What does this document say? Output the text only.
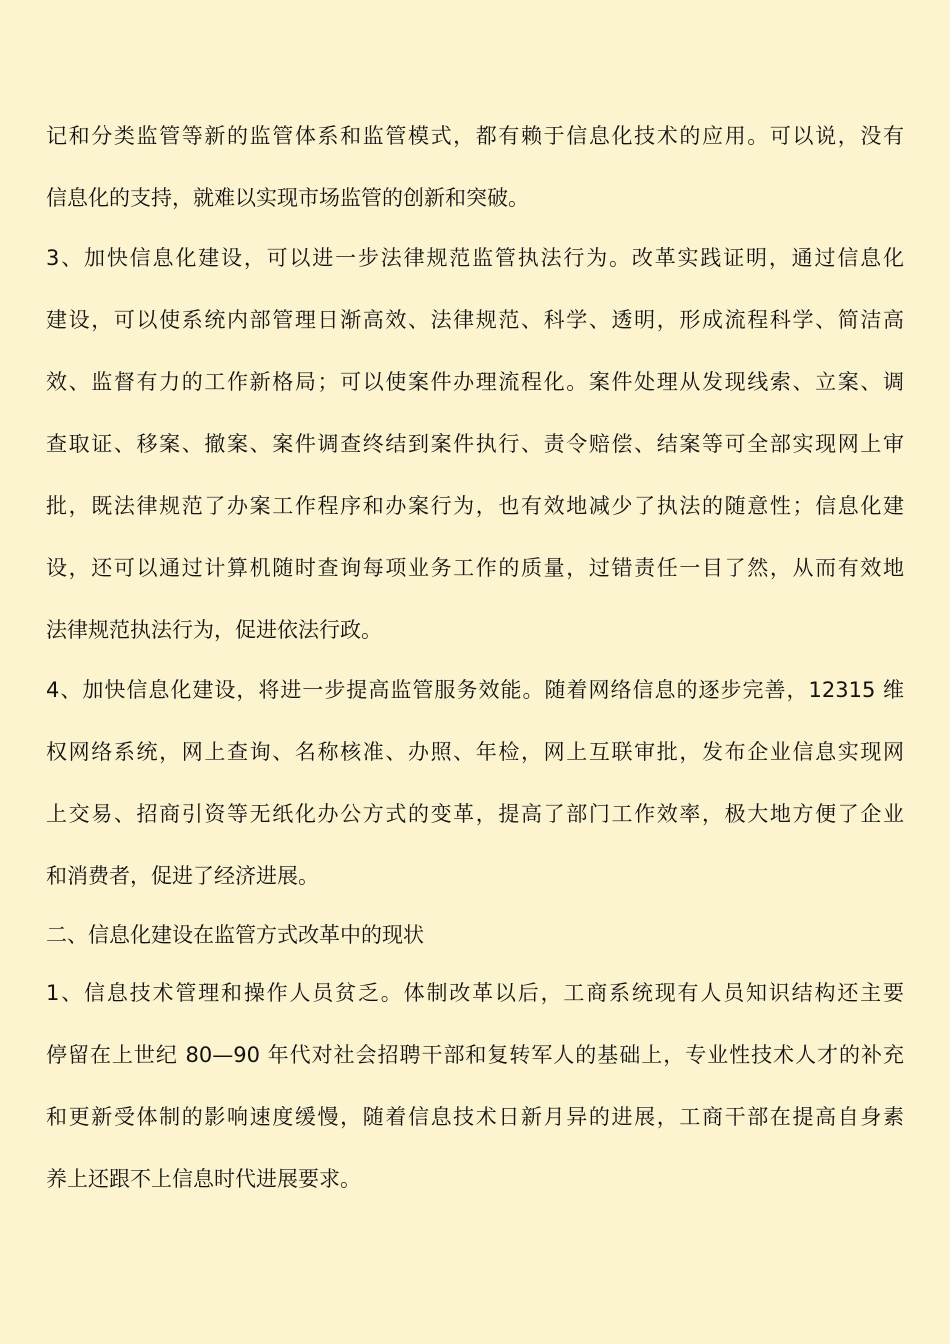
记和分类监管等新的监管体系和监管模式，都有赖于信息化技术的应用。可以说，没有
信息化的支持，就难以实现市场监管的创新和突破。
3、加快信息化建设，可以进一步法律规范监管执法行为。改革实践证明，通过信息化
建设，可以使系统内部管理日渐高效、法律规范、科学、透明，形成流程科学、简洁高
效、监督有力的工作新格局；可以使案件办理流程化。案件处理从发现线索、立案、调
查取证、移案、撤案、案件调查终结到案件执行、责令赔偿、结案等可全部实现网上审
批，既法律规范了办案工作程序和办案行为，也有效地减少了执法的随意性；信息化建
设，还可以通过计算机随时查询每项业务工作的质量，过错责任一目了然，从而有效地
法律规范执法行为，促进依法行政。
4、加快信息化建设，将进一步提高监管服务效能。随着网络信息的逐步完善，12315 维
权网络系统，网上查询、名称核准、办照、年检，网上互联审批，发布企业信息实现网
上交易、招商引资等无纸化办公方式的变革，提高了部门工作效率，极大地方便了企业
和消费者，促进了经济进展。
二、信息化建设在监管方式改革中的现状
1、信息技术管理和操作人员贫乏。体制改革以后，工商系统现有人员知识结构还主要
停留在上世纪 80—90 年代对社会招聘干部和复转军人的基础上，专业性技术人才的补充
和更新受体制的影响速度缓慢，随着信息技术日新月异的进展，工商干部在提高自身素
养上还跟不上信息时代进展要求。
